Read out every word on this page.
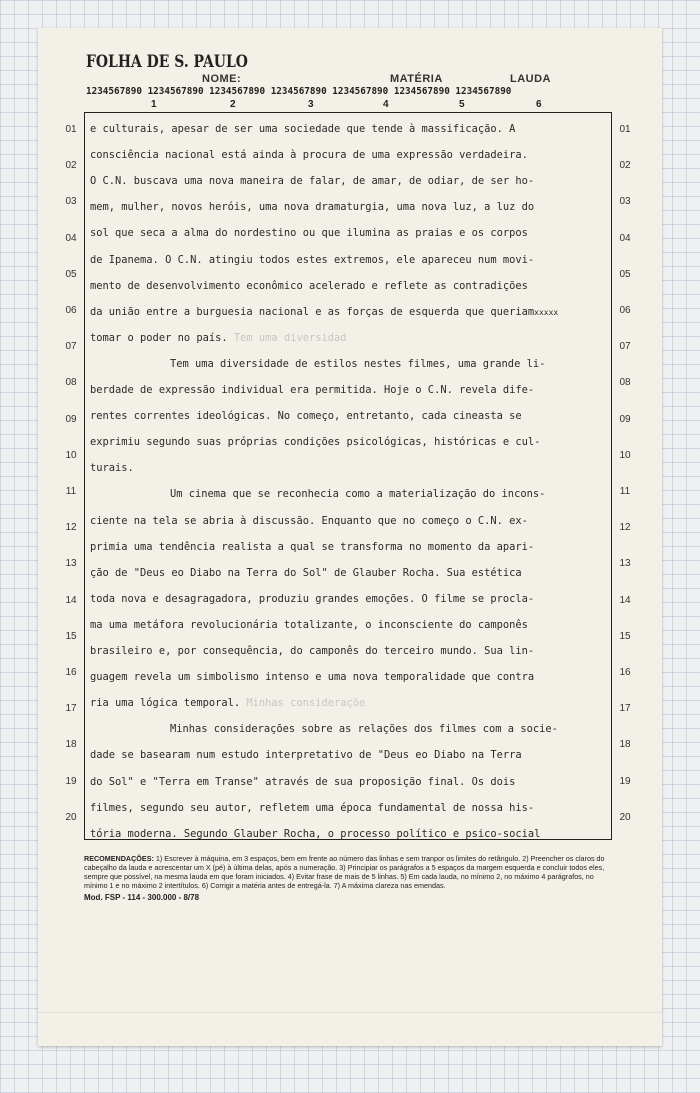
FOLHA DE S. PAULO
NOME:	MATÉRIA	LAUDA
1234567890 1234567890 1234567890 1234567890 1234567890 1234567890 1234567890
1	2	3	4	5	6
01
02
03
04
05
06
07
08
09
10
11
12
13
14
15
16
17
18
19
20
01
02
03
04
05
06
07
08
09
10
11
12
13
14
15
16
17
18
19
20
e culturais, apesar de ser uma sociedade que tende à massificação. A
consciência nacional está ainda à procura de uma expressão verdadeira.
O C.N. buscava uma nova maneira de falar, de amar, de odiar, de ser ho-
mem, mulher, novos heróis, uma nova dramaturgia, uma nova luz, a luz do
sol que seca a alma do nordestino ou que ilumina as praias e os corpos
de Ipanema. O C.N. atingiu todos estes extremos, ele apareceu num movi-
mento de desenvolvimento econômico acelerado e reflete as contradições
da união entre a burguesia nacional e as forças de esquerda que queriamxxxxx
tomar o poder no país. Tem uma diversidad
Tem uma diversidade de estilos nestes filmes, uma grande li-
berdade de expressão individual era permitida. Hoje o C.N. revela dife-
rentes correntes ideológicas. No começo, entretanto, cada cineasta se
exprimiu segundo suas próprias condições psicológicas, históricas e cul-
turais.
Um cinema que se reconhecia como a materialização do incons-
ciente na tela se abria à discussão. Enquanto que no começo o C.N. ex-
primia uma tendência realista a qual se transforma no momento da apari-
ção de "Deus eo Diabo na Terra do Sol" de Glauber Rocha. Sua estética
toda nova e desagragadora, produziu grandes emoções. O filme se procla-
ma uma metáfora revolucionária totalizante, o inconsciente do camponês
brasileiro e, por consequência, do camponês do terceiro mundo. Sua lin-
guagem revela um simbolismo intenso e uma nova temporalidade que contra
ria uma lógica temporal. Minhas consideraçõe
Minhas considerações sobre as relações dos filmes com a socie-
dade se basearam num estudo interpretativo de "Deus eo Diabo na Terra
do Sol" e "Terra em Transe" através de sua proposição final. Os dois
filmes, segundo seu autor, refletem uma época fundamental de nossa his-
tória moderna. Segundo Glauber Rocha, o processo político e psico-social

RECOMENDAÇÕES: 1) Escrever à máquina, em 3 espaços, bem em frente ao número das linhas e sem tranpor os limites do retângulo. 2) Preencher os claros do cabeçalho da lauda e acrescentar um X (pé) à última delas, após a numeração. 3) Principiar os parágrafos a 5 espaços da margem esquerda e concluir todos eles, sempre que possível, na mesma lauda em que foram iniciados. 4) Evitar frase de mais de 5 linhas. 5) Em cada lauda, no mínimo 2, no máximo 4 parágrafos, no mínimo 1 e no máximo 2 intertítulos. 6) Corrigir a matéria antes de entregá-la. 7) A máxima clareza nas emendas.

Mod. FSP - 114 - 300.000 - 8/78
